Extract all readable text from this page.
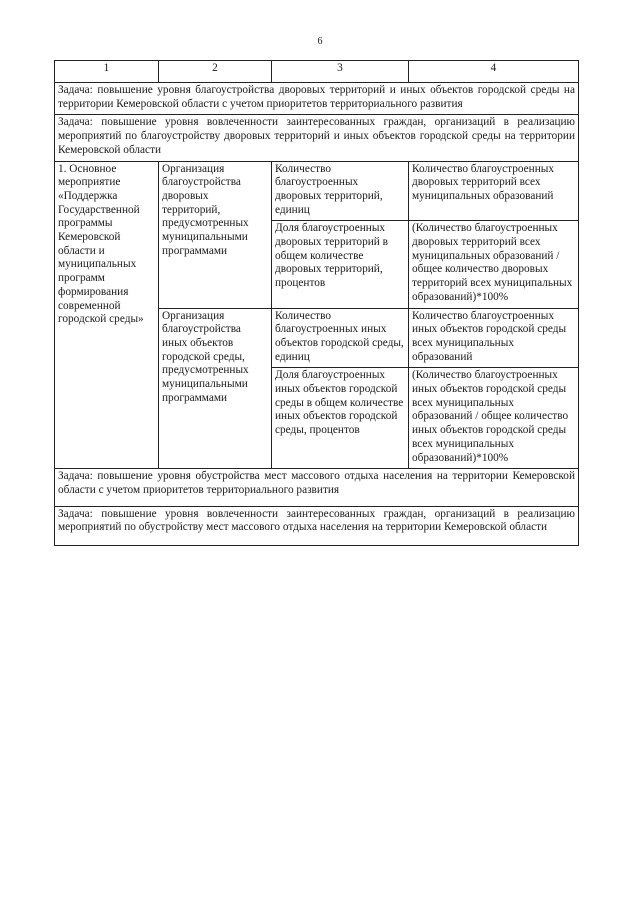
6
1	2	3	4

Задача: повышение уровня благоустройства дворовых территорий и иных объектов городской среды на территории Кемеровской области с учетом приоритетов территориального развития			

Задача: повышение уровня вовлеченности заинтересованных граждан, организаций в реализацию мероприятий по благоустройству дворовых территорий и иных объектов городской среды на территории Кемеровской области			

1. Основное мероприятие «Поддержка Государственной программы Кемеровской области и муниципальных программ формирования современной городской среды»	Организация благоустройства дворовых территорий, предусмотренных муниципальными программами	Количество благоустроенных дворовых территорий, единиц	Количество благоустроенных дворовых территорий всех муниципальных образований
		Доля благоустроенных дворовых территорий в общем количестве дворовых территорий, процентов	(Количество благоустроенных дворовых территорий всех муниципальных образований / общее количество дворовых территорий всех муниципальных образований)*100%
	Организация благоустройства иных объектов городской среды, предусмотренных муниципальными программами	Количество благоустроенных иных объектов городской среды, единиц	Количество благоустроенных иных объектов городской среды всех муниципальных образований
		Доля благоустроенных иных объектов городской среды в общем количестве иных объектов городской среды, процентов	(Количество благоустроенных иных объектов городской среды всех муниципальных образований / общее количество иных объектов городской среды всех муниципальных образований)*100%

Задача: повышение уровня обустройства мест массового отдыха населения на территории Кемеровской области с учетом приоритетов территориального развития			

Задача: повышение уровня вовлеченности заинтересованных граждан, организаций в реализацию мероприятий по обустройству мест массового отдыха населения на территории Кемеровской области			
